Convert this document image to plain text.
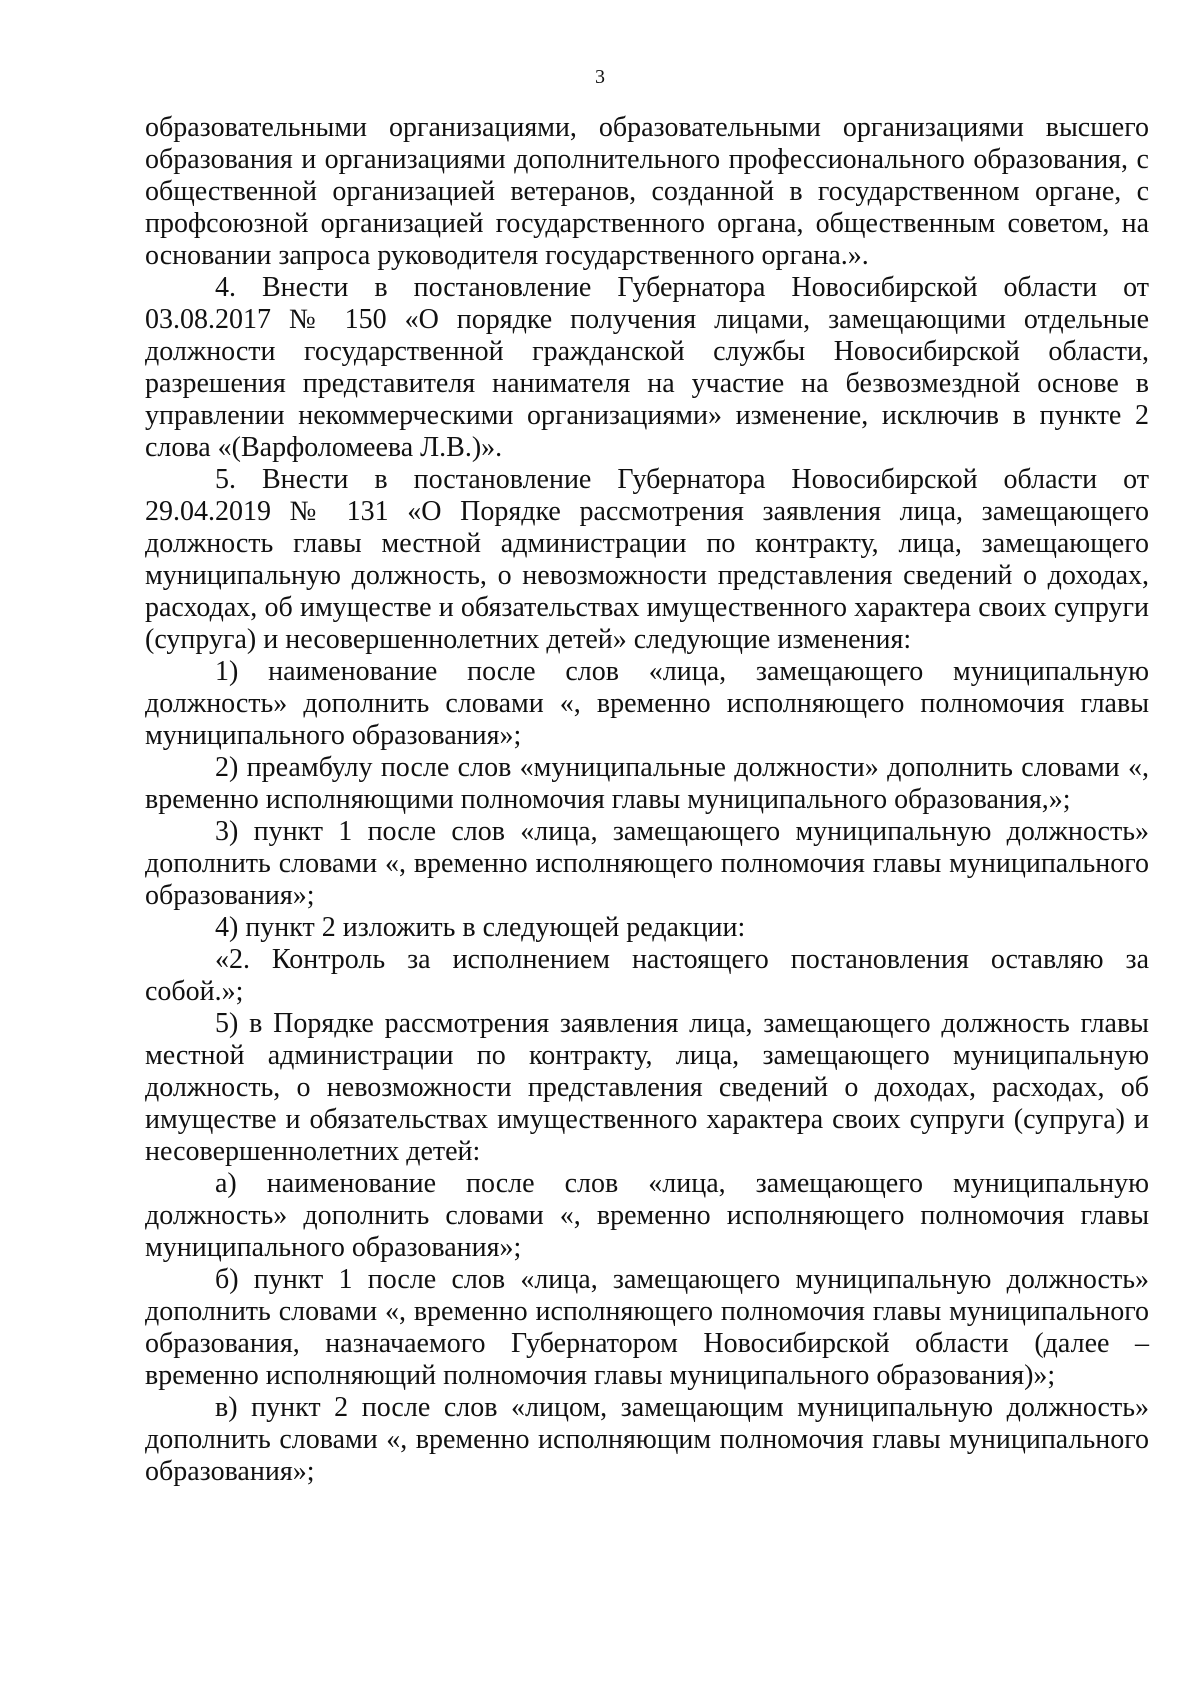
3

образовательными организациями, образовательными организациями высшего образования и организациями дополнительного профессионального образования, с общественной организацией ветеранов, созданной в государственном органе, с профсоюзной организацией государственного органа, общественным советом, на основании запроса руководителя государственного органа.».

4. Внести в постановление Губернатора Новосибирской области от 03.08.2017 № 150 «О порядке получения лицами, замещающими отдельные должности государственной гражданской службы Новосибирской области, разрешения представителя нанимателя на участие на безвозмездной основе в управлении некоммерческими организациями» изменение, исключив в пункте 2 слова «(Варфоломеева Л.В.)».

5. Внести в постановление Губернатора Новосибирской области от 29.04.2019 № 131 «О Порядке рассмотрения заявления лица, замещающего должность главы местной администрации по контракту, лица, замещающего муниципальную должность, о невозможности представления сведений о доходах, расходах, об имуществе и обязательствах имущественного характера своих супруги (супруга) и несовершеннолетних детей» следующие изменения:

1) наименование после слов «лица, замещающего муниципальную должность» дополнить словами «, временно исполняющего полномочия главы муниципального образования»;

2) преамбулу после слов «муниципальные должности» дополнить словами «, временно исполняющими полномочия главы муниципального образования,»;

3) пункт 1 после слов «лица, замещающего муниципальную должность» дополнить словами «, временно исполняющего полномочия главы муниципального образования»;

4) пункт 2 изложить в следующей редакции:

«2. Контроль за исполнением настоящего постановления оставляю за собой.»;

5) в Порядке рассмотрения заявления лица, замещающего должность главы местной администрации по контракту, лица, замещающего муниципальную должность, о невозможности представления сведений о доходах, расходах, об имуществе и обязательствах имущественного характера своих супруги (супруга) и несовершеннолетних детей:

а) наименование после слов «лица, замещающего муниципальную должность» дополнить словами «, временно исполняющего полномочия главы муниципального образования»;

б) пункт 1 после слов «лица, замещающего муниципальную должность» дополнить словами «, временно исполняющего полномочия главы муниципального образования, назначаемого Губернатором Новосибирской области (далее – временно исполняющий полномочия главы муниципального образования)»;

в) пункт 2 после слов «лицом, замещающим муниципальную должность» дополнить словами «, временно исполняющим полномочия главы муниципального образования»;
